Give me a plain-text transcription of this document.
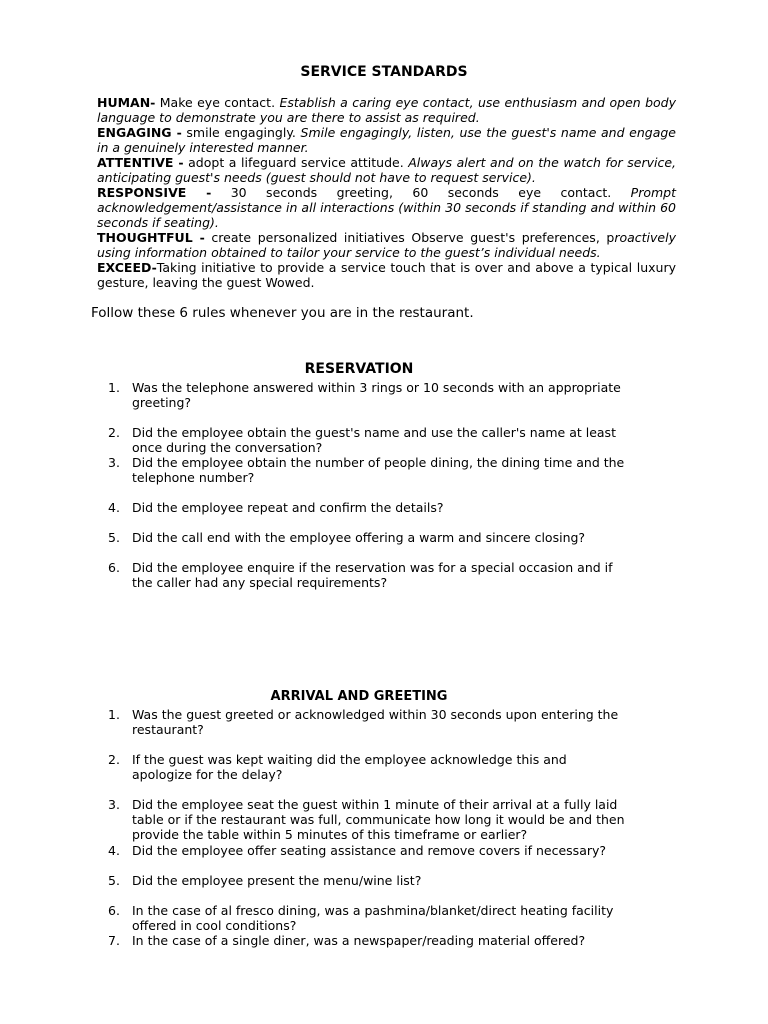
SERVICE STANDARDS

HUMAN- Make eye contact. Establish a caring eye contact, use enthusiasm and open body language to demonstrate you are there to assist as required.

ENGAGING - smile engagingly. Smile engagingly, listen, use the guest's name and engage in a genuinely interested manner.

ATTENTIVE - adopt a lifeguard service attitude. Always alert and on the watch for service, anticipating guest's needs (guest should not have to request service).

RESPONSIVE - 30 seconds greeting, 60 seconds eye contact. Prompt acknowledgement/assistance in all interactions (within 30 seconds if standing and within 60 seconds if seating).

THOUGHTFUL - create personalized initiatives Observe guest's preferences, proactively using information obtained to tailor your service to the guest’s individual needs.

EXCEED-Taking initiative to provide a service touch that is over and above a typical luxury gesture, leaving the guest Wowed.

Follow these 6 rules whenever you are in the restaurant.
RESERVATION
1. Was the telephone answered within 3 rings or 10 seconds with an appropriate greeting?
2. Did the employee obtain the guest's name and use the caller's name at least once during the conversation?
3. Did the employee obtain the number of people dining, the dining time and the telephone number?
4. Did the employee repeat and confirm the details?
5. Did the call end with the employee offering a warm and sincere closing?
6. Did the employee enquire if the reservation was for a special occasion and if the caller had any special requirements?
ARRIVAL AND GREETING
1. Was the guest greeted or acknowledged within 30 seconds upon entering the restaurant?
2. If the guest was kept waiting did the employee acknowledge this and apologize for the delay?
3. Did the employee seat the guest within 1 minute of their arrival at a fully laid table or if the restaurant was full, communicate how long it would be and then provide the table within 5 minutes of this timeframe or earlier?
4. Did the employee offer seating assistance and remove covers if necessary?
5. Did the employee present the menu/wine list?
6. In the case of al fresco dining, was a pashmina/blanket/direct heating facility offered in cool conditions?
7. In the case of a single diner, was a newspaper/reading material offered?
